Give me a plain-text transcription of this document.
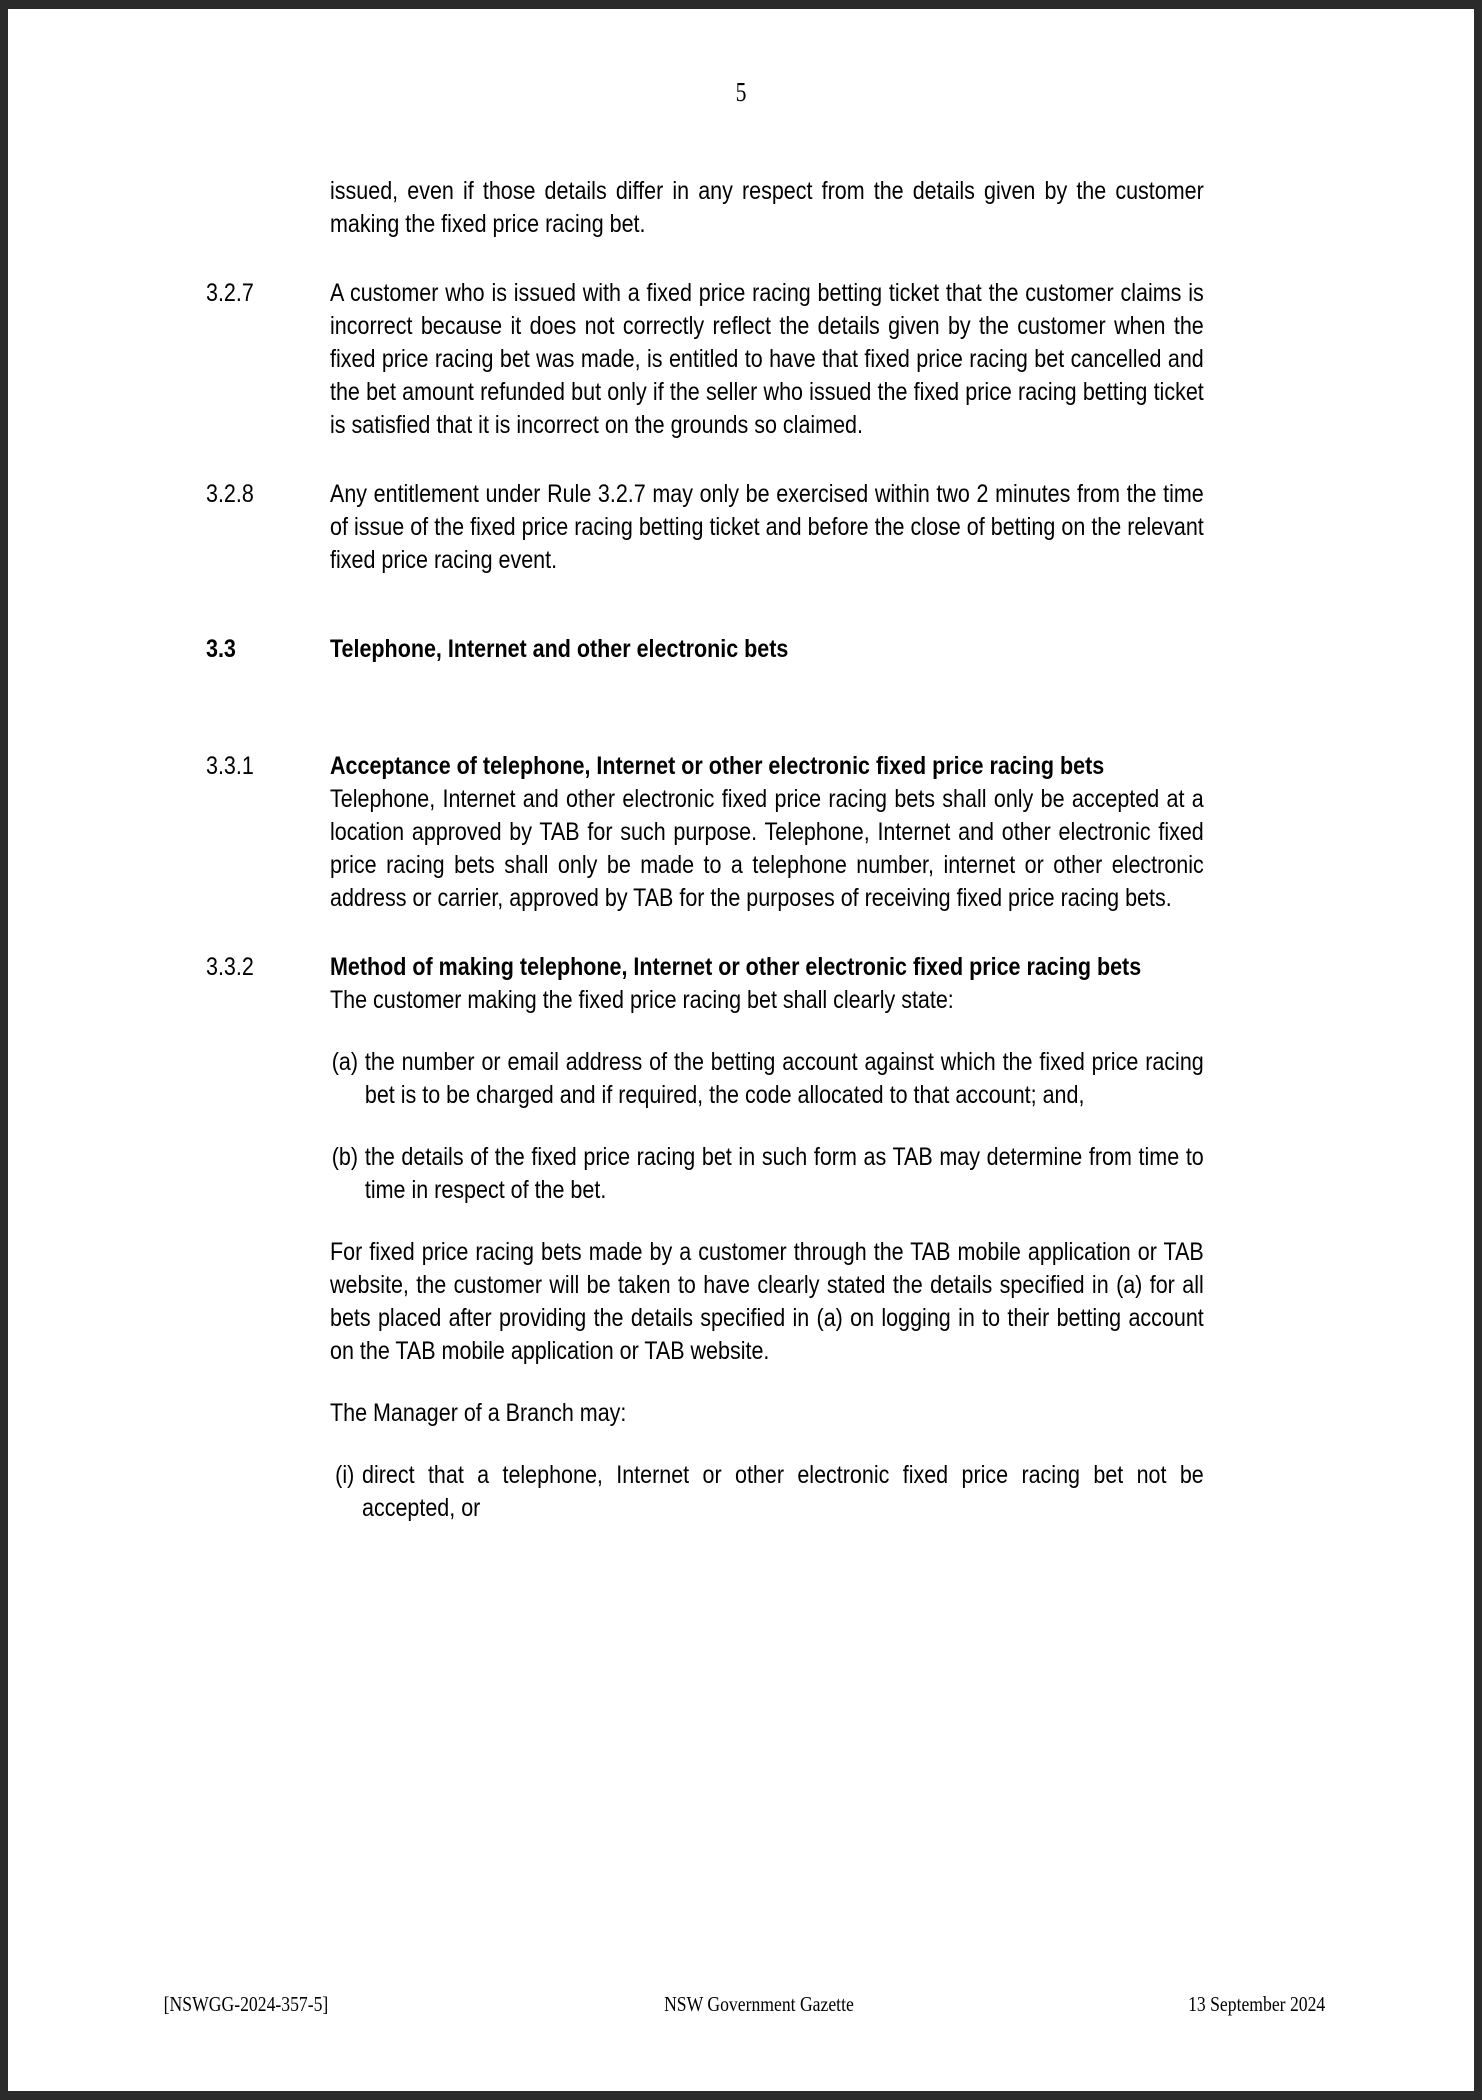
5
issued, even if those details differ in any respect from the details given by the customer making the fixed price racing bet.
3.2.7	A customer who is issued with a fixed price racing betting ticket that the customer claims is incorrect because it does not correctly reflect the details given by the customer when the fixed price racing bet was made, is entitled to have that fixed price racing bet cancelled and the bet amount refunded but only if the seller who issued the fixed price racing betting ticket is satisfied that it is incorrect on the grounds so claimed.
3.2.8	Any entitlement under Rule 3.2.7 may only be exercised within two 2 minutes from the time of issue of the fixed price racing betting ticket and before the close of betting on the relevant fixed price racing event.
3.3	Telephone, Internet and other electronic bets
3.3.1	Acceptance of telephone, Internet or other electronic fixed price racing bets

Telephone, Internet and other electronic fixed price racing bets shall only be accepted at a location approved by TAB for such purpose. Telephone, Internet and other electronic fixed price racing bets shall only be made to a telephone number, internet or other electronic address or carrier, approved by TAB for the purposes of receiving fixed price racing bets.

3.3.2	Method of making telephone, Internet or other electronic fixed price racing bets

The customer making the fixed price racing bet shall clearly state:

(a) the number or email address of the betting account against which the fixed price racing bet is to be charged and if required, the code allocated to that account; and,

(b) the details of the fixed price racing bet in such form as TAB may determine from time to time in respect of the bet.

For fixed price racing bets made by a customer through the TAB mobile application or TAB website, the customer will be taken to have clearly stated the details specified in (a) for all bets placed after providing the details specified in (a) on logging in to their betting account on the TAB mobile application or TAB website.

The Manager of a Branch may:

(i) direct that a telephone, Internet or other electronic fixed price racing bet not be accepted, or

[NSWGG-2024-357-5]	NSW Government Gazette	13 September 2024
